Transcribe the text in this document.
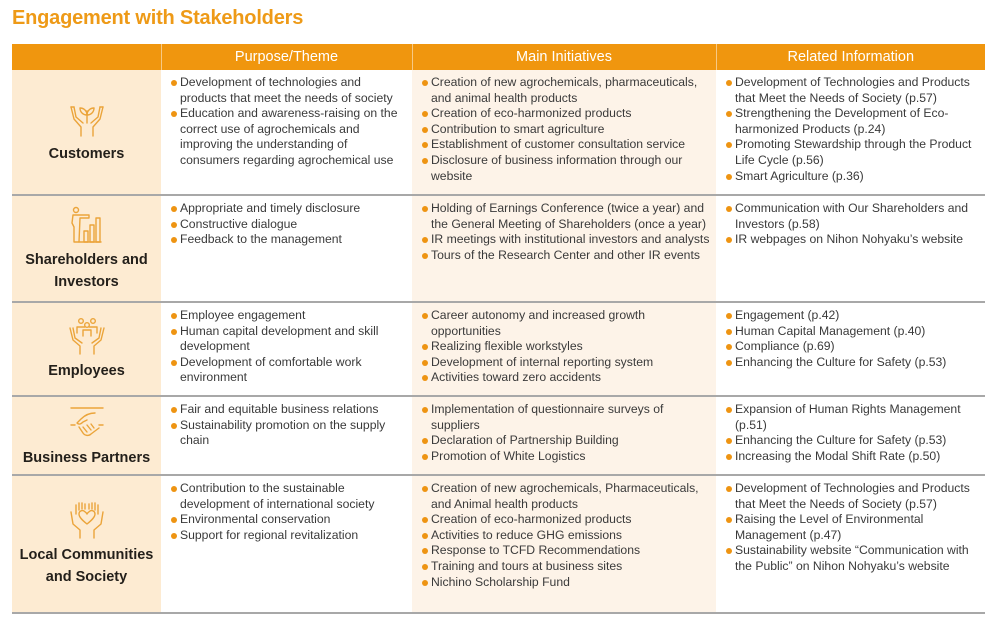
Engagement with Stakeholders
	Purpose/Theme	Main Initiatives	Related Information

Customers	
Development of technologies and products that meet the needs of society
Education and awareness-raising on the correct use of agrochemicals and improving the understanding of consumers regarding agrochemical use

Creation of new agrochemicals, pharmaceuticals, and animal health products
Creation of eco-harmonized products
Contribution to smart agriculture
Establishment of customer consultation service
Disclosure of business information through our website

Development of Technologies and Products that Meet the Needs of Society (p.57)
Strengthening the Development of Eco-harmonized Products (p.24)
Promoting Stewardship through the Product Life Cycle (p.56)
Smart Agriculture (p.36)

Shareholders and Investors	
Appropriate and timely disclosure
Constructive dialogue
Feedback to the management

Holding of Earnings Conference (twice a year) and the General Meeting of Shareholders (once a year)
IR meetings with institutional investors and analysts
Tours of the Research Center and other IR events

Communication with Our Shareholders and Investors (p.58)
IR webpages on Nihon Nohyaku’s website

Employees	
Employee engagement
Human capital development and skill development
Development of comfortable work environment

Career autonomy and increased growth opportunities
Realizing flexible workstyles
Development of internal reporting system
Activities toward zero accidents

Engagement (p.42)
Human Capital Management (p.40)
Compliance (p.69)
Enhancing the Culture for Safety (p.53)

Business Partners	
Fair and equitable business relations
Sustainability promotion on the supply chain

Implementation of questionnaire surveys of suppliers
Declaration of Partnership Building
Promotion of White Logistics

Expansion of Human Rights Management (p.51)
Enhancing the Culture for Safety (p.53)
Increasing the Modal Shift Rate (p.50)

Local Communities and Society	
Contribution to the sustainable development of international society
Environmental conservation
Support for regional revitalization

Creation of new agrochemicals, Pharmaceuticals, and Animal health products
Creation of eco-harmonized products
Activities to reduce GHG emissions
Response to TCFD Recommendations
Training and tours at business sites
Nichino Scholarship Fund

Development of Technologies and Products that Meet the Needs of Society (p.57)
Raising the Level of Environmental Management (p.47)
Sustainability website “Communication with the Public” on Nihon Nohyaku’s website
